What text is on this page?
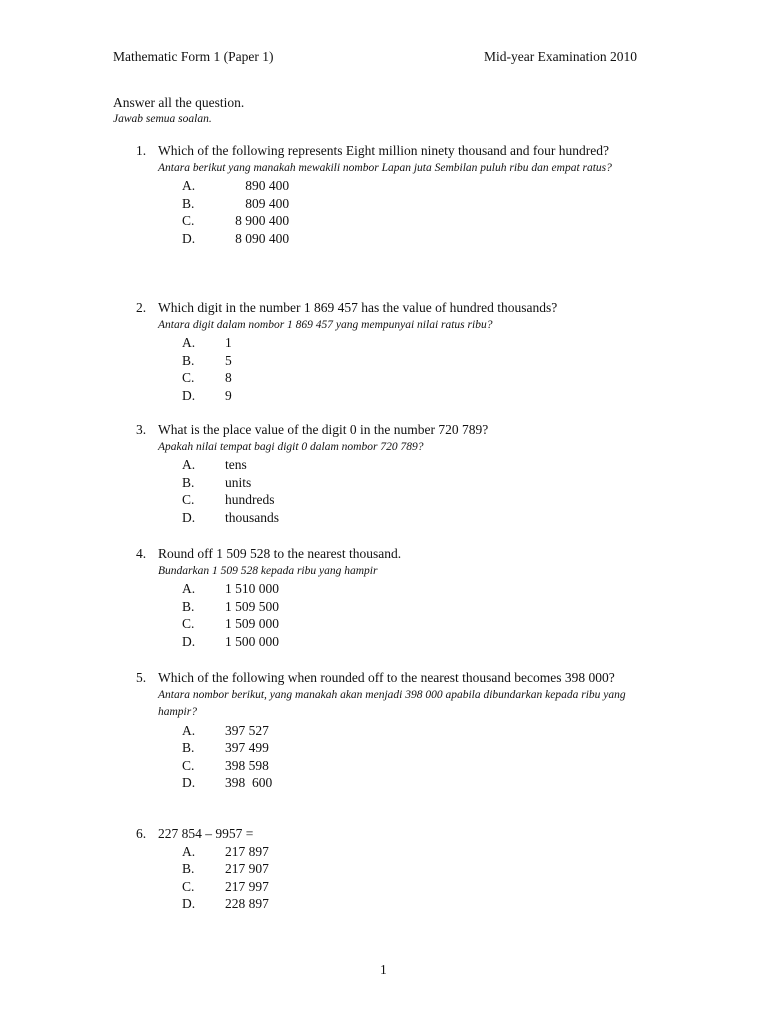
Mathematic Form 1 (Paper 1)	Mid-year Examination 2010
Answer all the question.
Jawab semua soalan.
1. Which of the following represents Eight million ninety thousand and four hundred?
Antara berikut yang manakah mewakili nombor Lapan juta Sembilan puluh ribu dan empat ratus?
A. 890 400
B. 809 400
C. 8 900 400
D. 8 090 400
2. Which digit in the number 1 869 457 has the value of hundred thousands?
Antara digit dalam nombor 1 869 457 yang mempunyai nilai ratus ribu?
A. 1
B. 5
C. 8
D. 9
3. What is the place value of the digit 0 in the number 720 789?
Apakah nilai tempat bagi digit 0 dalam nombor 720 789?
A. tens
B. units
C. hundreds
D. thousands
4. Round off 1 509 528 to the nearest thousand.
Bundarkan 1 509 528 kepada ribu yang hampir
A. 1 510 000
B. 1 509 500
C. 1 509 000
D. 1 500 000
5. Which of the following when rounded off to the nearest thousand becomes 398 000?
Antara nombor berikut, yang manakah akan menjadi 398 000 apabila dibundarkan kepada ribu yang hampir?
A. 397 527
B. 397 499
C. 398 598
D. 398  600
6. 227 854 – 9957 =
A. 217 897
B. 217 907
C. 217 997
D. 228 897
1
